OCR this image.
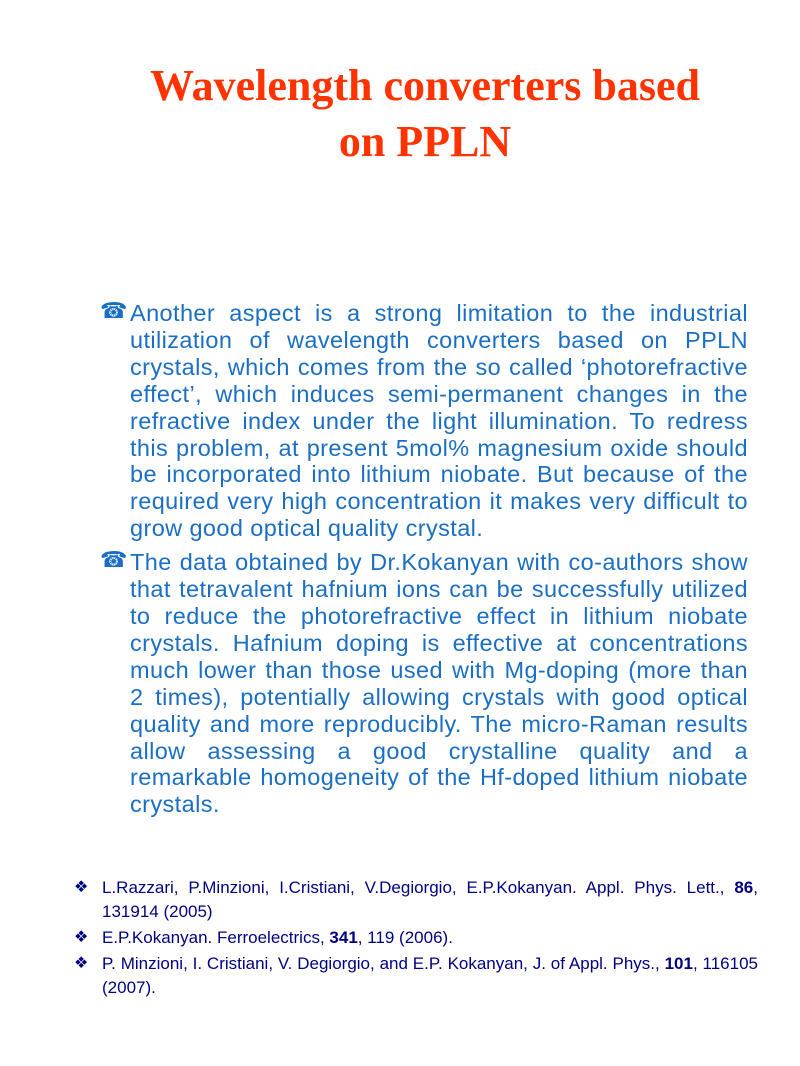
Wavelength converters based
on PPLN
☎ Another aspect is a strong limitation to the industrial utilization of wavelength converters based on PPLN crystals, which comes from the so called ‘photorefractive effect’, which induces semi-permanent changes in the refractive index under the light illumination. To redress this problem, at present 5mol% magnesium oxide should be incorporated into lithium niobate. But because of the required very high concentration it makes very difficult to grow good optical quality crystal.
☎ The data obtained by Dr.Kokanyan with co-authors show that tetravalent hafnium ions can be successfully utilized to reduce the photorefractive effect in lithium niobate crystals. Hafnium doping is effective at concentrations much lower than those used with Mg-doping (more than 2 times), potentially allowing crystals with good optical quality and more reproducibly. The micro-Raman results allow assessing a good crystalline quality and a remarkable homogeneity of the Hf-doped lithium niobate crystals.
❖ L.Razzari, P.Minzioni, I.Cristiani, V.Degiorgio, E.P.Kokanyan. Appl. Phys. Lett., 86, 131914 (2005)
❖ E.P.Kokanyan. Ferroelectrics, 341, 119 (2006).
❖ P. Minzioni, I. Cristiani, V. Degiorgio, and E.P. Kokanyan, J. of Appl. Phys., 101, 116105 (2007).
